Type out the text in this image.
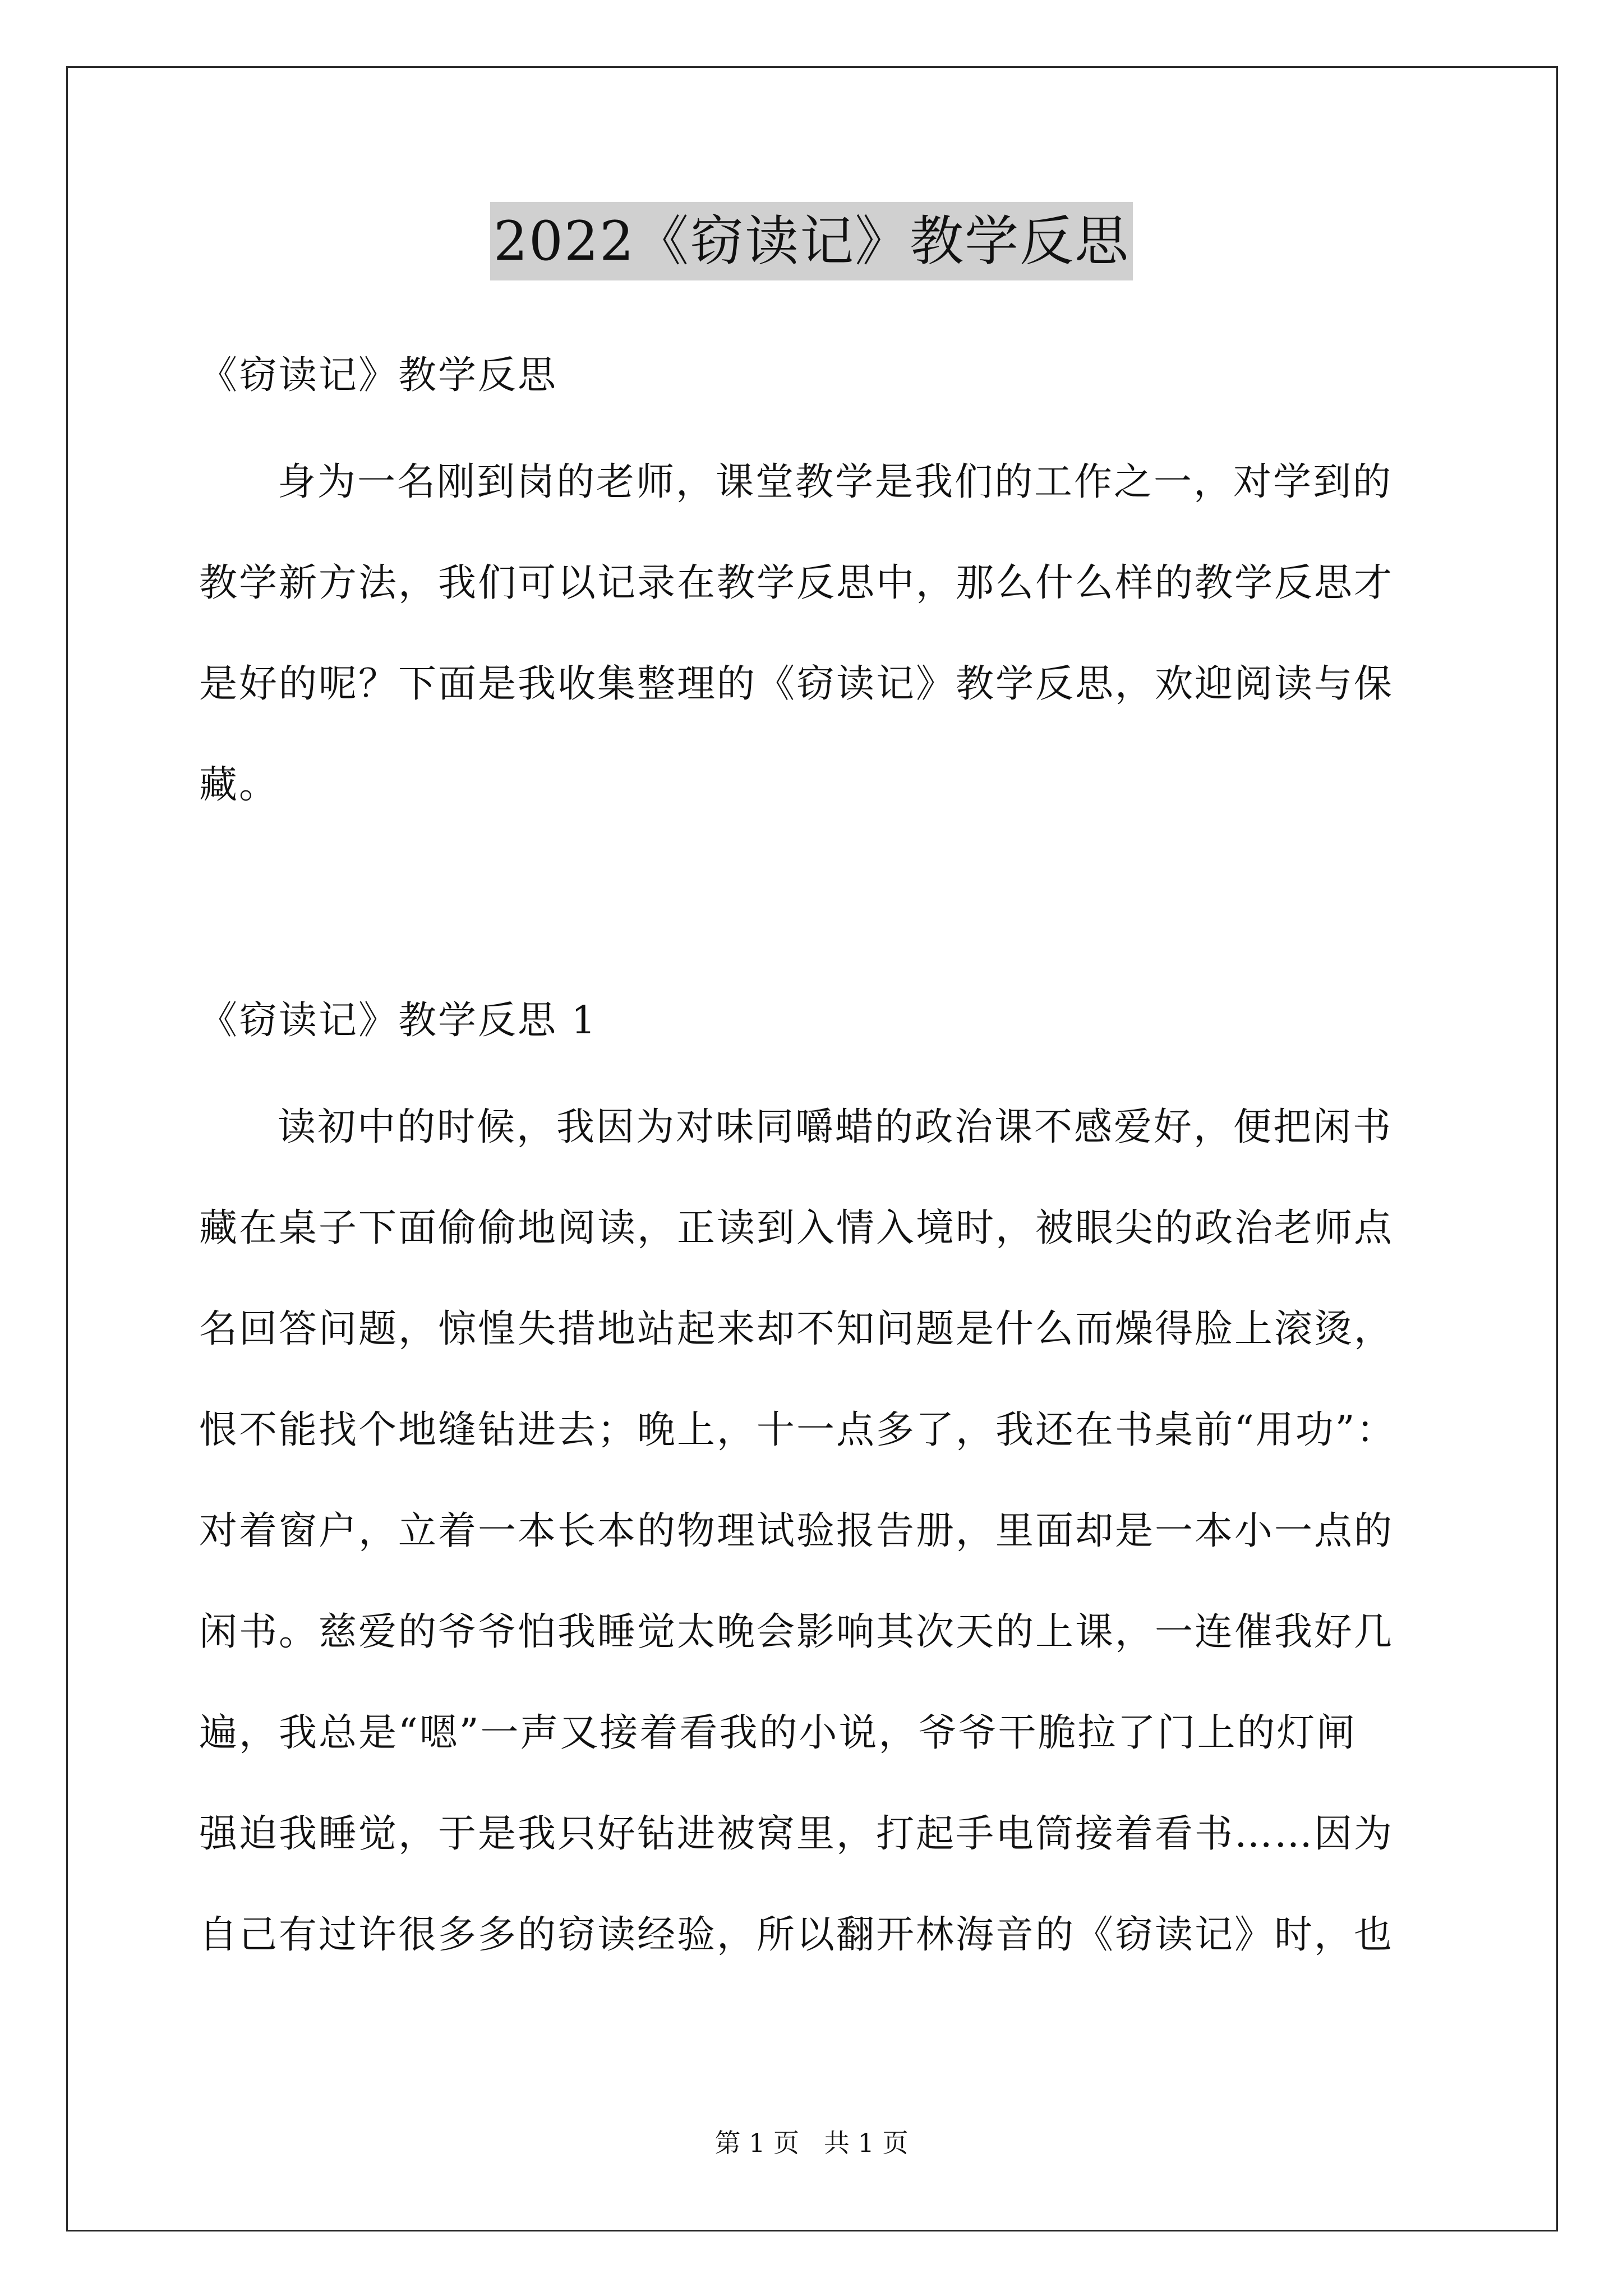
2022《窃读记》教学反思
《窃读记》教学反思
身为一名刚到岗的老师，课堂教学是我们的工作之一，对学到的
教学新方法，我们可以记录在教学反思中，那么什么样的教学反思才
是好的呢？下面是我收集整理的《窃读记》教学反思，欢迎阅读与保
藏。
《窃读记》教学反思 1
读初中的时候，我因为对味同嚼蜡的政治课不感爱好，便把闲书
藏在桌子下面偷偷地阅读，正读到入情入境时，被眼尖的政治老师点
名回答问题，惊惶失措地站起来却不知问题是什么而燥得脸上滚烫，
恨不能找个地缝钻进去；晚上，十一点多了，我还在书桌前“用功”：
对着窗户，立着一本长本的物理试验报告册，里面却是一本小一点的
闲书。慈爱的爷爷怕我睡觉太晚会影响其次天的上课，一连催我好几
遍，我总是“嗯”一声又接着看我的小说，爷爷干脆拉了门上的灯闸
强迫我睡觉，于是我只好钻进被窝里，打起手电筒接着看书……因为
自己有过许很多多的窃读经验，所以翻开林海音的《窃读记》时，也
第 1 页 共 1 页
